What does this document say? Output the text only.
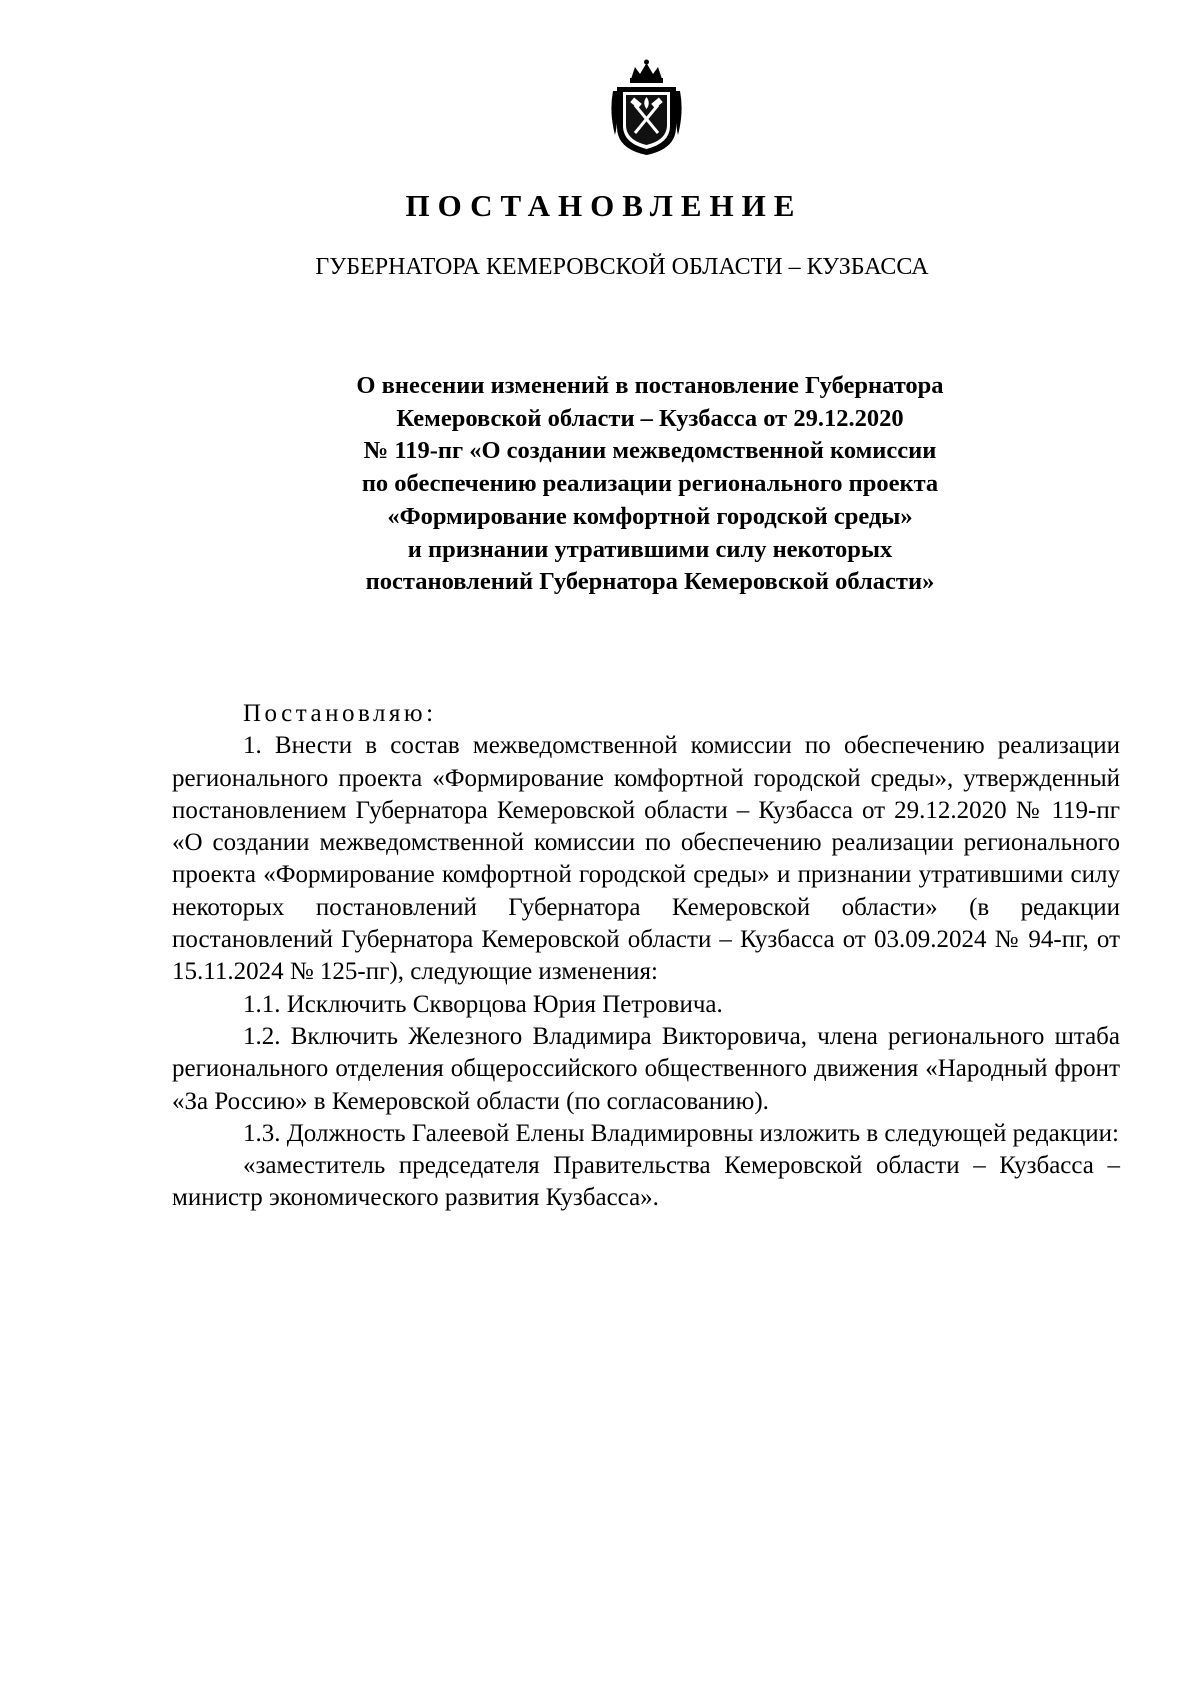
ПОСТАНОВЛЕНИЕ
ГУБЕРНАТОРА КЕМЕРОВСКОЙ ОБЛАСТИ – КУЗБАССА
О внесении изменений в постановление Губернатора
Кемеровской области – Кузбасса от 29.12.2020
№ 119-пг «О создании межведомственной комиссии
по обеспечению реализации регионального проекта
«Формирование комфортной городской среды»
и признании утратившими силу некоторых
постановлений Губернатора Кемеровской области»
Постановляю:

1. Внести в состав межведомственной комиссии по обеспечению реализации регионального проекта «Формирование комфортной городской среды», утвержденный постановлением Губернатора Кемеровской области – Кузбасса от 29.12.2020 № 119-пг «О создании межведомственной комиссии по обеспечению реализации регионального проекта «Формирование комфортной городской среды» и признании утратившими силу некоторых постановлений Губернатора Кемеровской области» (в редакции постановлений Губернатора Кемеровской области – Кузбасса от 03.09.2024 № 94-пг, от 15.11.2024 № 125-пг), следующие изменения:

1.1. Исключить Скворцова Юрия Петровича.

1.2. Включить Железного Владимира Викторовича, члена регионального штаба регионального отделения общероссийского общественного движения «Народный фронт «За Россию» в Кемеровской области (по согласованию).

1.3. Должность Галеевой Елены Владимировны изложить в следующей редакции:

«заместитель председателя Правительства Кемеровской области – Кузбасса – министр экономического развития Кузбасса».
